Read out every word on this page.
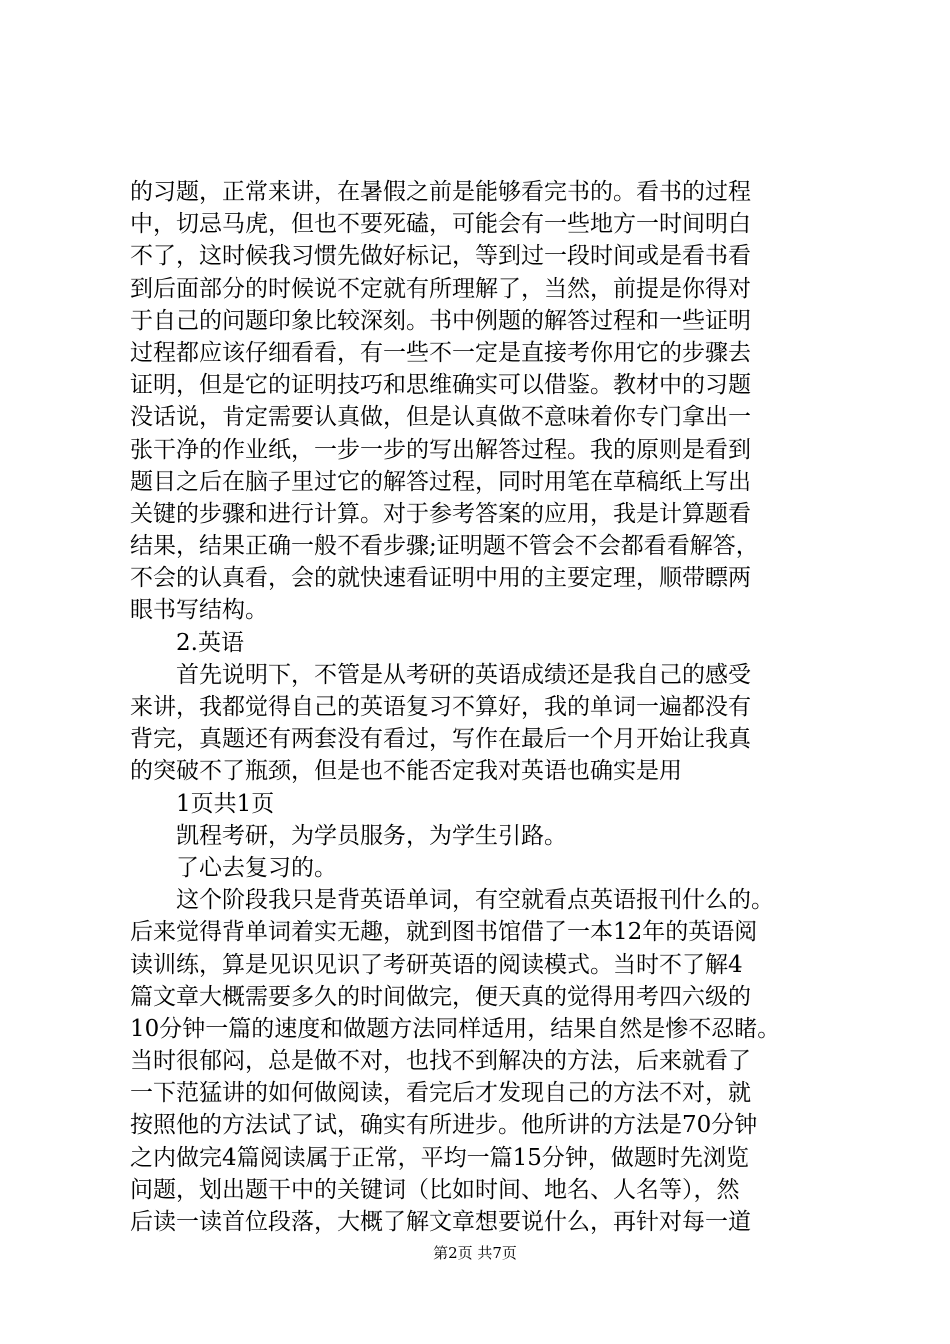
的习题，正常来讲，在暑假之前是能够看完书的。看书的过程
中，切忌马虎，但也不要死磕，可能会有一些地方一时间明白
不了，这时候我习惯先做好标记，等到过一段时间或是看书看
到后面部分的时候说不定就有所理解了，当然，前提是你得对
于自己的问题印象比较深刻。书中例题的解答过程和一些证明
过程都应该仔细看看，有一些不一定是直接考你用它的步骤去
证明，但是它的证明技巧和思维确实可以借鉴。教材中的习题
没话说，肯定需要认真做，但是认真做不意味着你专门拿出一
张干净的作业纸，一步一步的写出解答过程。我的原则是看到
题目之后在脑子里过它的解答过程，同时用笔在草稿纸上写出
关键的步骤和进行计算。对于参考答案的应用，我是计算题看
结果，结果正确一般不看步骤;证明题不管会不会都看看解答，
不会的认真看，会的就快速看证明中用的主要定理，顺带瞟两
眼书写结构。
2.英语
首先说明下，不管是从考研的英语成绩还是我自己的感受
来讲，我都觉得自己的英语复习不算好，我的单词一遍都没有
背完，真题还有两套没有看过，写作在最后一个月开始让我真
的突破不了瓶颈，但是也不能否定我对英语也确实是用
1页共1页
凯程考研，为学员服务，为学生引路。
了心去复习的。
这个阶段我只是背英语单词，有空就看点英语报刊什么的。
后来觉得背单词着实无趣，就到图书馆借了一本12年的英语阅
读训练，算是见识见识了考研英语的阅读模式。当时不了解4
篇文章大概需要多久的时间做完，便天真的觉得用考四六级的
10分钟一篇的速度和做题方法同样适用，结果自然是惨不忍睹。
当时很郁闷，总是做不对，也找不到解决的方法，后来就看了
一下范猛讲的如何做阅读，看完后才发现自己的方法不对，就
按照他的方法试了试，确实有所进步。他所讲的方法是70分钟
之内做完4篇阅读属于正常，平均一篇15分钟，做题时先浏览
问题，划出题干中的关键词（比如时间、地名、人名等），然
后读一读首位段落，大概了解文章想要说什么，再针对每一道
第2页 共7页
